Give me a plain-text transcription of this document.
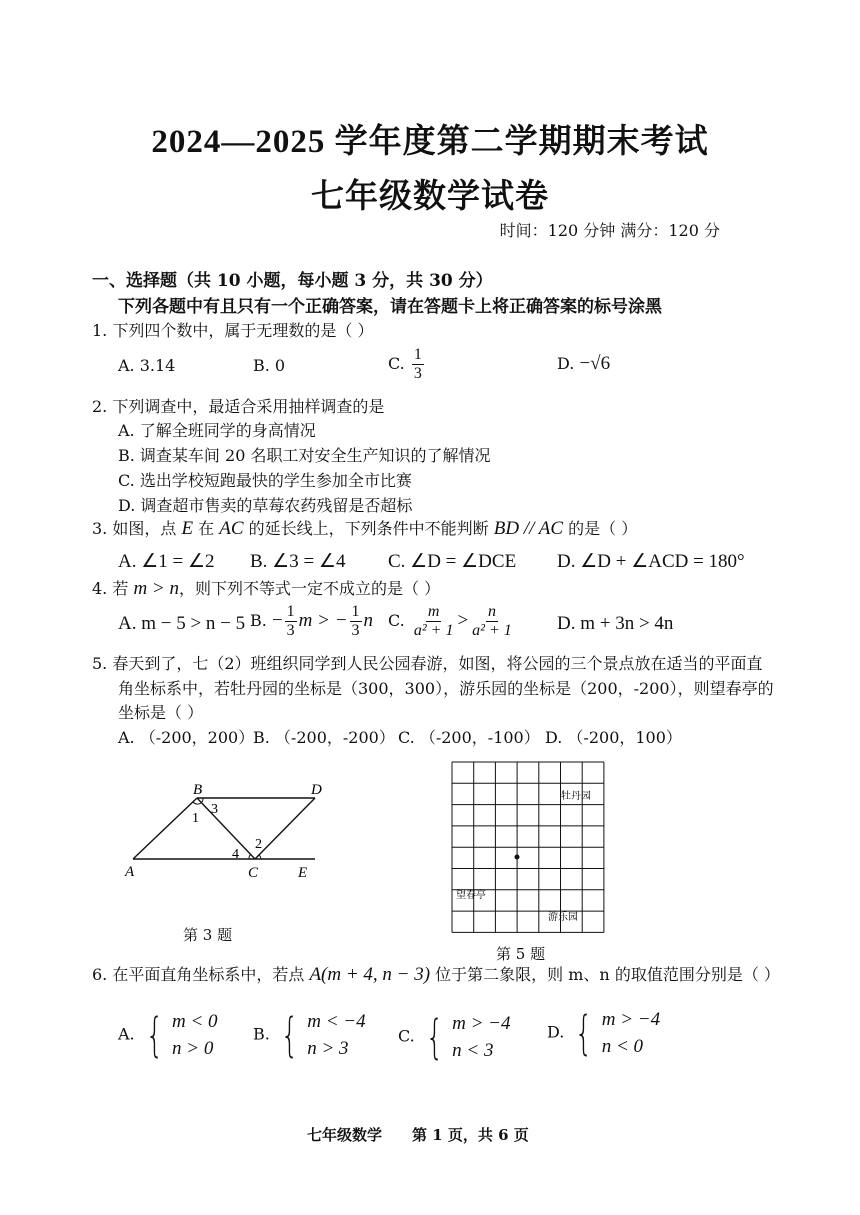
2024—2025 学年度第二学期期末考试
七年级数学试卷
时间：120 分钟 满分：120 分
一、选择题（共 10 小题，每小题 3 分，共 30 分）
下列各题中有且只有一个正确答案，请在答题卡上将正确答案的标号涂黑
1. 下列四个数中，属于无理数的是（ ）
A. 3.14	B. 0	C. $\frac{1}{3}$	D. −√6
2. 下列调查中，最适合采用抽样调查的是
A. 了解全班同学的身高情况
B. 调查某车间 20 名职工对安全生产知识的了解情况
C. 选出学校短跑最快的学生参加全市比赛
D. 调查超市售卖的草莓农药残留是否超标
3. 如图，点 E 在 AC 的延长线上，下列条件中不能判断 BD // AC 的是（ ）
A. ∠1 = ∠2 B. ∠3 = ∠4 C. ∠D = ∠DCE D. ∠D + ∠ACD = 180°
4. 若 m > n，则下列不等式一定不成立的是（ ）
A. m − 5 > n − 5 B. − $\frac{1}{3}$ m > − $\frac{1}{3}$ n C. $\frac{m}{\text{a² + 1}} > \frac{n}{\text{a² + 1}} D$. m + 3n > 4n
5. 春天到了，七（2）班组织同学到人民公园春游，如图，将公园的三个景点放在适当的平面直
角坐标系中，若牡丹园的坐标是（300，300），游乐园的坐标是（200，-200），则望春亭的
坐标是（ ）
A. （-200，200）
B. （-200，-200） C. （-200，-100） D. （-200，100）
B	D
A	C	E
1
3
4
2
第 3 题
牡丹园
望春亭
游乐园
第 5 题
6. 在平面直角坐标系中，若点 A(m + 4, n − 3) 位于第二象限，则 m、n 的取值范围分别是（ ）
A. { m < 0
n > 0
B. { m < −4
n > 3
C. { m > −4
n < 3
D. { m > −4
n < 0
七年级数学 第 1 页，共 6 页
